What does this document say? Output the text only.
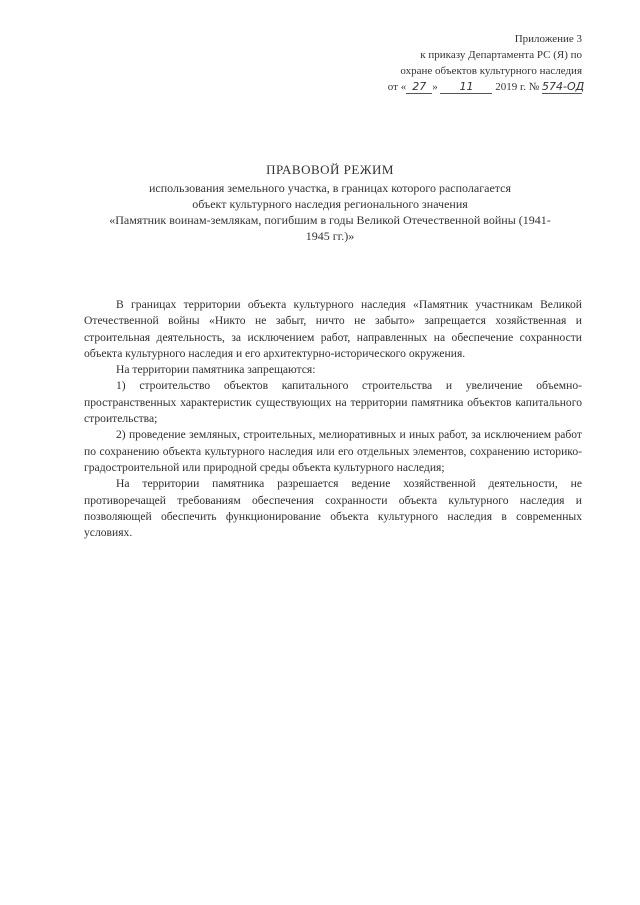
Приложение 3
к приказу Департамента РС (Я) по
охране объектов культурного наследия
от « 27 » 11 2019 г. № 574-ОД
ПРАВОВОЙ РЕЖИМ
использования земельного участка, в границах которого располагается
объект культурного наследия регионального значения
«Памятник воинам-землякам, погибшим в годы Великой Отечественной войны (1941-
1945 гг.)»

В границах территории объекта культурного наследия «Памятник участникам Великой Отечественной войны «Никто не забыт, ничто не забыто» запрещается хозяйственная и строительная деятельность, за исключением работ, направленных на обеспечение сохранности объекта культурного наследия и его архитектурно-исторического окружения.

На территории памятника запрещаются:

1) строительство объектов капитального строительства и увеличение объемно-пространственных характеристик существующих на территории памятника объектов капитального строительства;

2) проведение земляных, строительных, мелиоративных и иных работ, за исключением работ по сохранению объекта культурного наследия или его отдельных элементов, сохранению историко-градостроительной или природной среды объекта культурного наследия;

На территории памятника разрешается ведение хозяйственной деятельности, не противоречащей требованиям обеспечения сохранности объекта культурного наследия и позволяющей обеспечить функционирование объекта культурного наследия в современных условиях.
